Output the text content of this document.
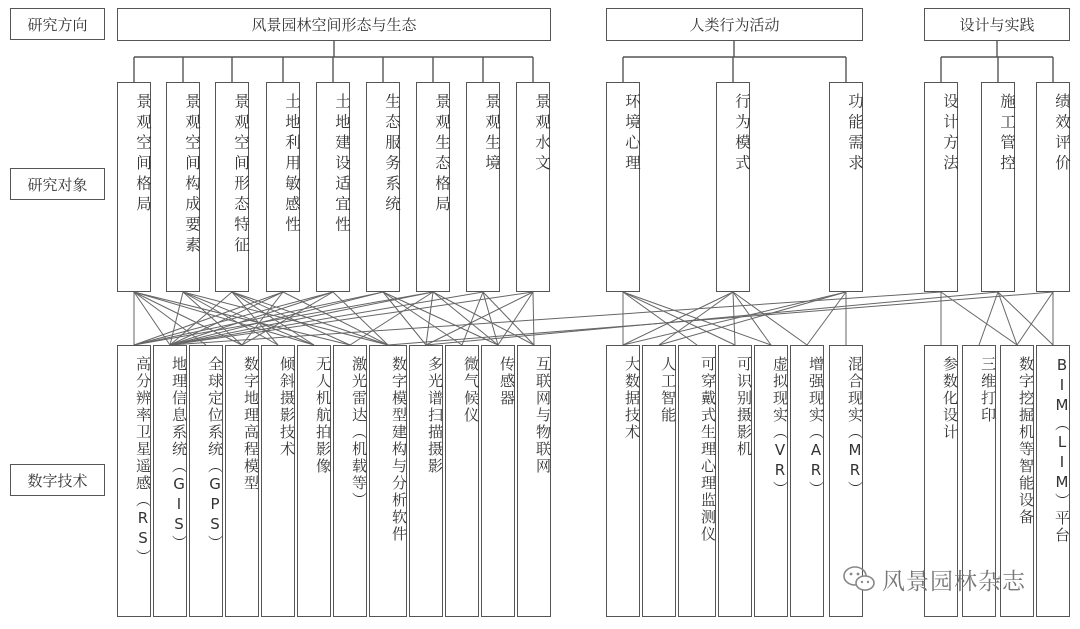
研究方向
研究对象
数字技术
风景园林空间形态与生态	人类行为活动	设计与实践
景观空间格局	景观空间构成要素	景观空间形态特征	土地利用敏感性	土地建设适宜性	生态服务系统	景观生态格局	景观生境	景观水文	环境心理	行为模式	功能需求	设计方法	施工管控	绩效评价
高分辨率卫星遥感（RS）	地理信息系统（GIS）	全球定位系统（GPS）	数字地理高程模型	倾斜摄影技术	无人机航拍影像	激光雷达（机载等）	数字模型建构与分析软件	多光谱扫描摄影	微气候仪	传感器	互联网与物联网	大数据技术	人工智能	可穿戴式生理心理监测仪	可识别摄影机	虚拟现实（VR）	增强现实（AR）	混合现实（MR）	参数化设计	三维打印	数字挖掘机等智能设备	BIM（LIM）平台
风景园林杂志
